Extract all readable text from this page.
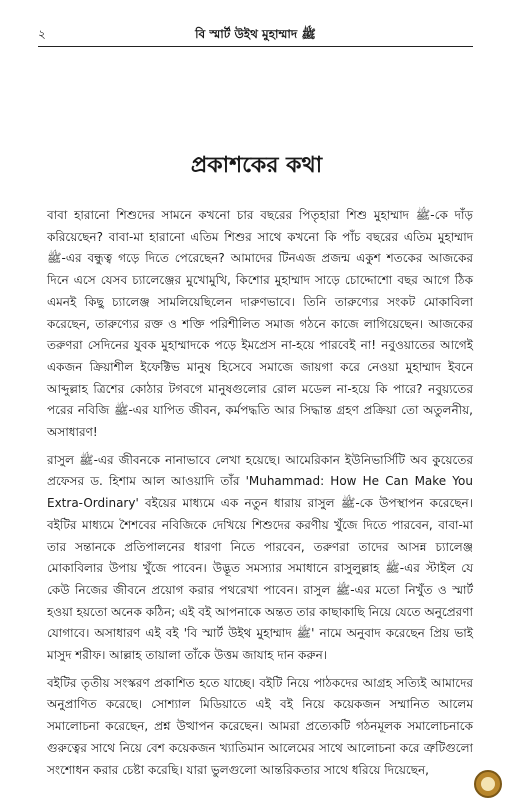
২	বি স্মার্ট উইথ মুহাম্মাদ ﷺ
প্রকাশকের কথা

বাবা হারানো শিশুদের সামনে কখনো চার বছরের পিতৃহারা শিশু মুহাম্মাদ ﷺ-কে দাঁড় করিয়েছেন? বাবা-মা হারানো এতিম শিশুর সাথে কখনো কি পাঁচ বছরের এতিম মুহাম্মাদ ﷺ-এর বন্ধুত্ব গড়ে দিতে পেরেছেন? আমাদের টিনএজ প্রজন্ম একুশ শতকের আজকের দিনে এসে যেসব চ্যালেঞ্জের মুখোমুখি, কিশোর মুহাম্মাদ সাড়ে চোদ্দোশো বছর আগে ঠিক এমনই কিছু চ্যালেঞ্জ সামলিয়েছিলেন দারুণভাবে। তিনি তারুণ্যের সংকট মোকাবিলা করেছেন, তারুণ্যের রক্ত ও শক্তি পরিশীলিত সমাজ গঠনে কাজে লাগিয়েছেন। আজকের তরুণরা সেদিনের যুবক মুহাম্মাদকে পড়ে ইমপ্রেস না-হয়ে পারবেই না! নবুওয়াতের আগেই একজন ক্রিয়াশীল ইফেক্টিভ মানুষ হিসেবে সমাজে জায়গা করে নেওয়া মুহাম্মাদ ইবনে আব্দুল্লাহ ত্রিশের কোঠার টগবগে মানুষগুলোর রোল মডেল না-হয়ে কি পারে? নবুয়্যতের পরের নবিজি ﷺ-এর যাপিত জীবন, কর্মপদ্ধতি আর সিদ্ধান্ত গ্রহণ প্রক্রিয়া তো অতুলনীয়, অসাধারণ!

রাসুল ﷺ-এর জীবনকে নানাভাবে লেখা হয়েছে। আমেরিকান ইউনিভার্সিটি অব কুয়েতের প্রফেসর ড. হিশাম আল আওয়াদি তাঁর 'Muhammad: How He Can Make You Extra-Ordinary' বইয়ের মাধ্যমে এক নতুন ধারায় রাসুল ﷺ-কে উপস্থাপন করেছেন। বইটির মাধ্যমে শৈশবের নবিজিকে দেখিয়ে শিশুদের করণীয় খুঁজে দিতে পারবেন, বাবা-মা তার সন্তানকে প্রতিপালনের ধারণা নিতে পারবেন, তরুণরা তাদের আসন্ন চ্যালেঞ্জ মোকাবিলার উপায় খুঁজে পাবেন। উদ্ভূত সমস্যার সমাধানে রাসুলুল্লাহ ﷺ-এর স্টাইল যে কেউ নিজের জীবনে প্রয়োগ করার পথরেখা পাবেন। রাসুল ﷺ-এর মতো নিখুঁত ও স্মার্ট হওয়া হয়তো অনেক কঠিন; এই বই আপনাকে অন্তত তার কাছাকাছি নিয়ে যেতে অনুপ্রেরণা যোগাবে। অসাধারণ এই বই 'বি স্মার্ট উইথ মুহাম্মাদ ﷺ' নামে অনুবাদ করেছেন প্রিয় ভাই মাসুদ শরীফ। আল্লাহ তায়ালা তাঁকে উত্তম জাযাহ দান করুন।

বইটির তৃতীয় সংস্করণ প্রকাশিত হতে যাচ্ছে। বইটি নিয়ে পাঠকদের আগ্রহ সত্যিই আমাদের অনুপ্রাণিত করেছে। সোশ্যাল মিডিয়াতে এই বই নিয়ে কয়েকজন সম্মানিত আলেম সমালোচনা করেছেন, প্রশ্ন উত্থাপন করেছেন। আমরা প্রত্যেকটি গঠনমূলক সমালোচনাকে গুরুত্বের সাথে নিয়ে বেশ কয়েকজন খ্যাতিমান আলেমের সাথে আলোচনা করে ত্রুটিগুলো সংশোধন করার চেষ্টা করেছি। যারা ভুলগুলো আন্তরিকতার সাথে ধরিয়ে দিয়েছেন,
